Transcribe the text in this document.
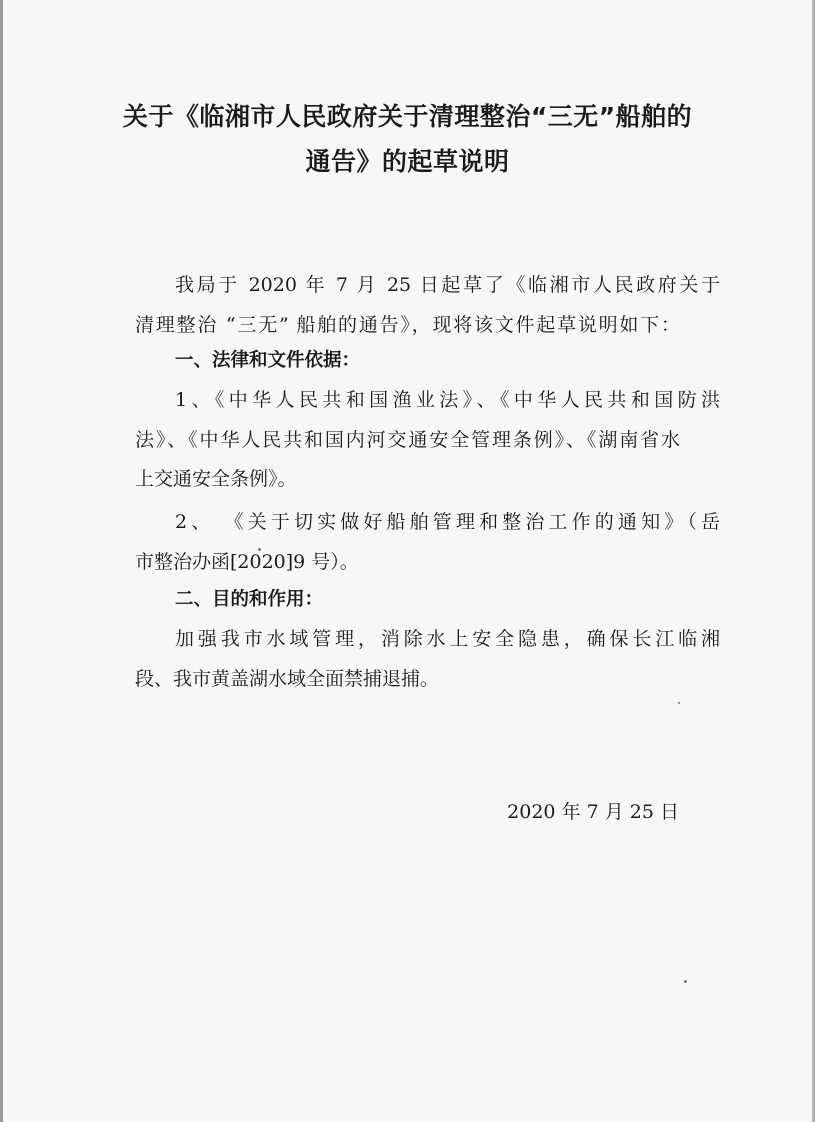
关于《临湘市人民政府关于清理整治“三无”船舶的
通告》的起草说明
我局于 2020 年 7 月 25 日起草了《临湘市人民政府关于
清理整治 “三无” 船舶的通告》，现将该文件起草说明如下：
一、法律和文件依据：
1、《中华人民共和国渔业法》、《中华人民共和国防洪
法》、《中华人民共和国内河交通安全管理条例》、《湖南省水
上交通安全条例》。
2、 《关于切实做好船舶管理和整治工作的通知》（岳
市整治办函[2020]9 号）。
二、目的和作用：
加强我市水域管理，消除水上安全隐患，确保长江临湘
段、我市黄盖湖水域全面禁捕退捕。
2020 年 7 月 25 日
